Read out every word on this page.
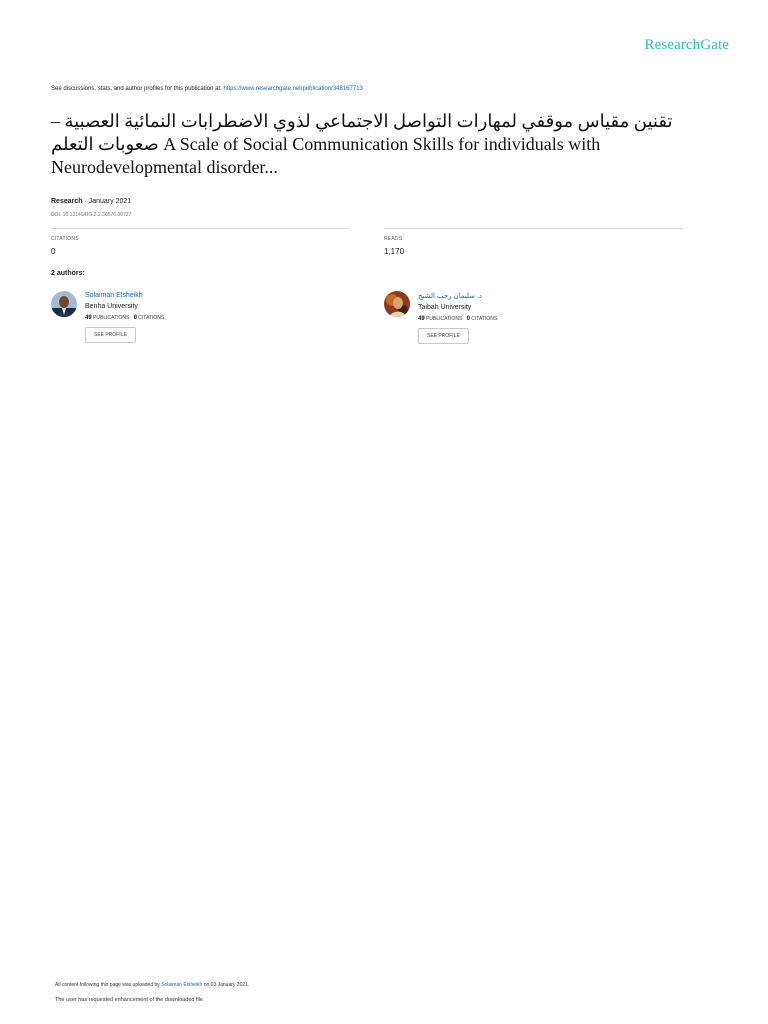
ResearchGate
See discussions, stats, and author profiles for this publication at: https://www.researchgate.net/publication/348167713
تقنين مقياس موقفي لمهارات التواصل الاجتماعي لذوي الاضطرابات النمائية العصبية – صعوبات التعلم A Scale of Social Communication Skills for individuals with Neurodevelopmental disorder...
Research · January 2021
DOI: 10.13140/RG.2.2.36576.30727
CITATIONS
0
READS
1,170
2 authors:
Solaiman Elsheikh
Benha University
49 PUBLICATIONS 0 CITATIONS
SEE PROFILE
د. سليمان رجب الشيخ
Taibah University
49 PUBLICATIONS 0 CITATIONS
SEE PROFILE
All content following this page was uploaded by Solaiman Elsheikh on 03 January 2021.
The user has requested enhancement of the downloaded file.
